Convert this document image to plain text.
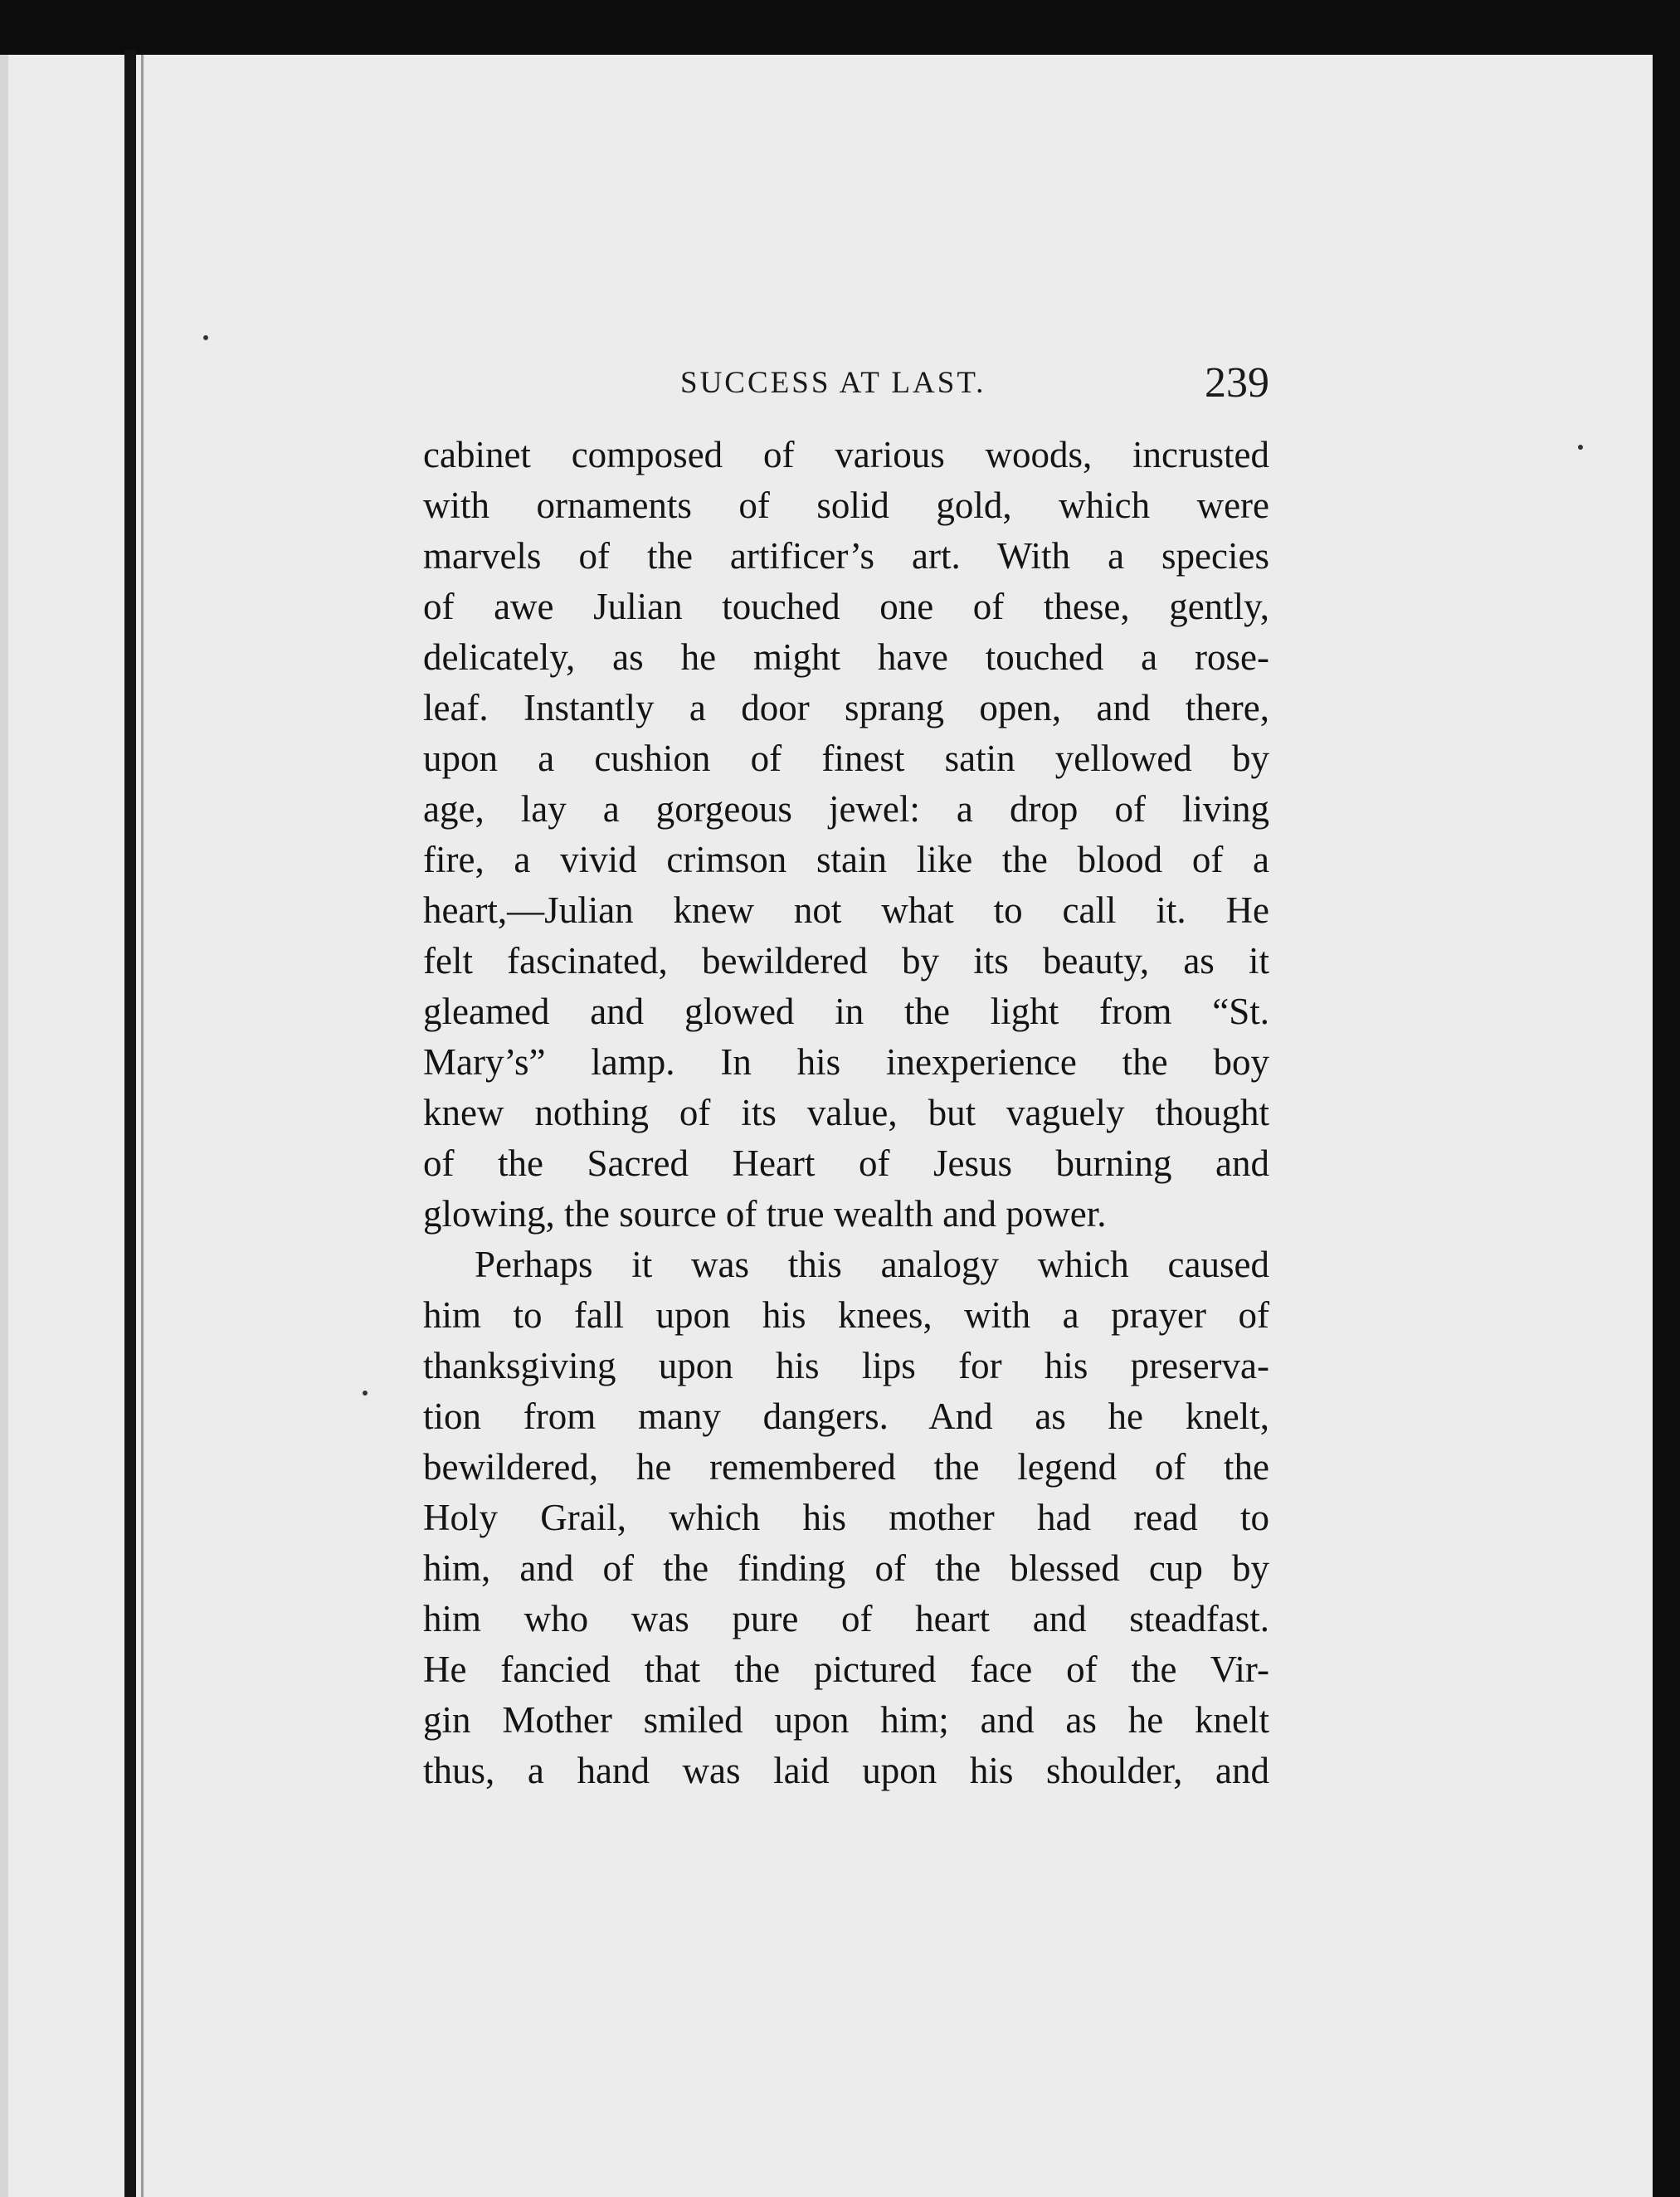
SUCCESS AT LAST.	239
cabinet composed of various woods, incrusted
with ornaments of solid gold, which were
marvels of the artificer’s art. With a species
of awe Julian touched one of these, gently,
delicately, as he might have touched a rose-
leaf. Instantly a door sprang open, and there,
upon a cushion of finest satin yellowed by
age, lay a gorgeous jewel: a drop of living
fire, a vivid crimson stain like the blood of a
heart,—Julian knew not what to call it. He
felt fascinated, bewildered by its beauty, as it
gleamed and glowed in the light from “St.
Mary’s” lamp. In his inexperience the boy
knew nothing of its value, but vaguely thought
of the Sacred Heart of Jesus burning and
glowing, the source of true wealth and power.
Perhaps it was this analogy which caused
him to fall upon his knees, with a prayer of
thanksgiving upon his lips for his preserva-
tion from many dangers. And as he knelt,
bewildered, he remembered the legend of the
Holy Grail, which his mother had read to
him, and of the finding of the blessed cup by
him who was pure of heart and steadfast.
He fancied that the pictured face of the Vir-
gin Mother smiled upon him; and as he knelt
thus, a hand was laid upon his shoulder, and
